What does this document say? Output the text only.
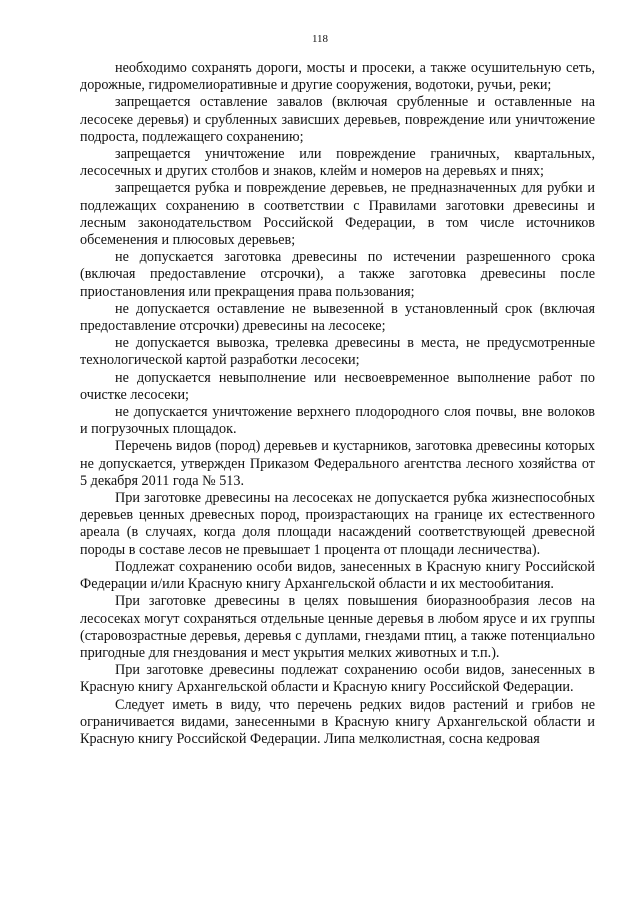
118

необходимо сохранять дороги, мосты и просеки, а также осушительную сеть, дорожные, гидромелиоративные и другие сооружения, водотоки, ручьи, реки;

запрещается оставление завалов (включая срубленные и оставленные на лесосеке деревья) и срубленных зависших деревьев, повреждение или уничтожение подроста, подлежащего сохранению;

запрещается уничтожение или повреждение граничных, квартальных, лесосечных и других столбов и знаков, клейм и номеров на деревьях и пнях;

запрещается рубка и повреждение деревьев, не предназначенных для рубки и подлежащих сохранению в соответствии с Правилами заготовки древесины и лесным законодательством Российской Федерации, в том числе источников обсеменения и плюсовых деревьев;

не допускается заготовка древесины по истечении разрешенного срока (включая предоставление отсрочки), а также заготовка древесины после приостановления или прекращения права пользования;

не допускается оставление не вывезенной в установленный срок (включая предоставление отсрочки) древесины на лесосеке;

не допускается вывозка, трелевка древесины в места, не предусмотренные технологической картой разработки лесосеки;

не допускается невыполнение или несвоевременное выполнение работ по очистке лесосеки;

не допускается уничтожение верхнего плодородного слоя почвы, вне волоков и погрузочных площадок.

Перечень видов (пород) деревьев и кустарников, заготовка древесины которых не допускается, утвержден Приказом Федерального агентства лесного хозяйства от 5 декабря 2011 года № 513.

При заготовке древесины на лесосеках не допускается рубка жизнеспособных деревьев ценных древесных пород, произрастающих на границе их естественного ареала (в случаях, когда доля площади насаждений соответствующей древесной породы в составе лесов не превышает 1 процента от площади лесничества).

Подлежат сохранению особи видов, занесенных в Красную книгу Российской Федерации и/или Красную книгу Архангельской области и их местообитания.

При заготовке древесины в целях повышения биоразнообразия лесов на лесосеках могут сохраняться отдельные ценные деревья в любом ярусе и их группы (старовозрастные деревья, деревья с дуплами, гнездами птиц, а также потенциально пригодные для гнездования и мест укрытия мелких животных и т.п.).

При заготовке древесины подлежат сохранению особи видов, занесенных в Красную книгу Архангельской области и Красную книгу Российской Федерации.

Следует иметь в виду, что перечень редких видов растений и грибов не ограничивается видами, занесенными в Красную книгу Архангельской области и Красную книгу Российской Федерации. Липа мелколистная, сосна кедровая
